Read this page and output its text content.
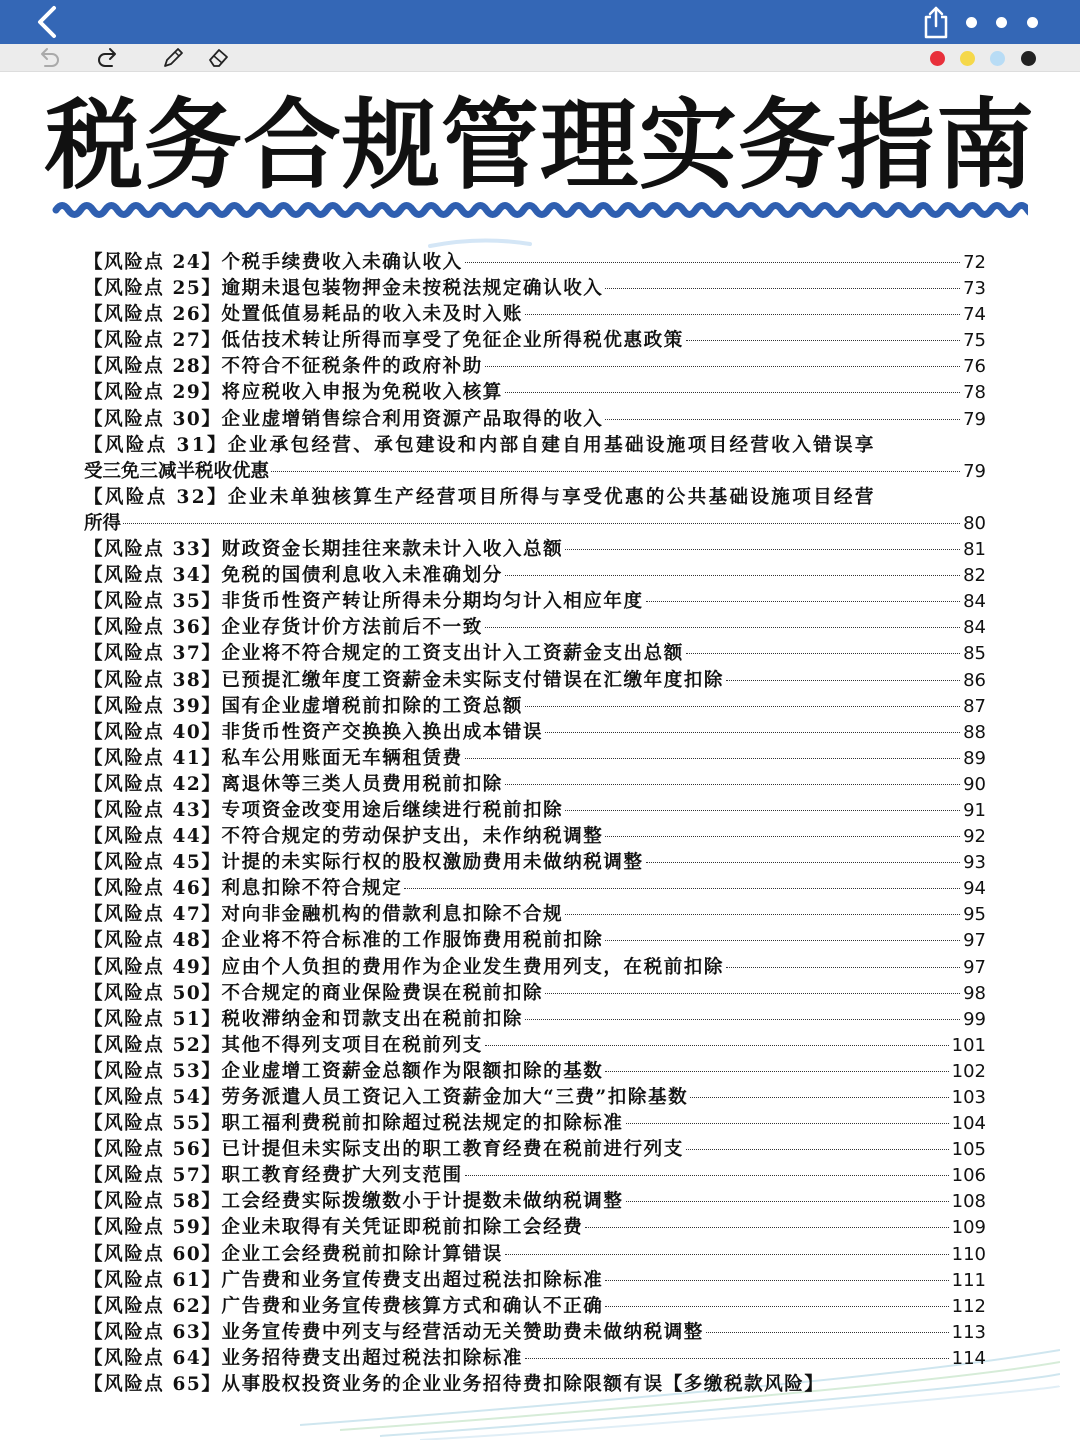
税务合规管理实务指南
【风险点 24】 个税手续费收入未确认收入	72
【风险点 25】 逾期未退包装物押金未按税法规定确认收入	73
【风险点 26】 处置低值易耗品的收入未及时入账	74
【风险点 27】 低估技术转让所得而享受了免征企业所得税优惠政策	75
【风险点 28】 不符合不征税条件的政府补助	76
【风险点 29】 将应税收入申报为免税收入核算	78
【风险点 30】 企业虚增销售综合利用资源产品取得的收入	79
【风险点 31】企业承包经营、承包建设和内部自建自用基础设施项目经营收入错误享
受三免三减半税收优惠	79
【风险点 32】企业未单独核算生产经营项目所得与享受优惠的公共基础设施项目经营
所得	80
【风险点 33】 财政资金长期挂往来款未计入收入总额	81
【风险点 34】 免税的国债利息收入未准确划分	82
【风险点 35】 非货币性资产转让所得未分期均匀计入相应年度	84
【风险点 36】 企业存货计价方法前后不一致	84
【风险点 37】 企业将不符合规定的工资支出计入工资薪金支出总额	85
【风险点 38】 已预提汇缴年度工资薪金未实际支付错误在汇缴年度扣除	86
【风险点 39】 国有企业虚增税前扣除的工资总额	87
【风险点 40】 非货币性资产交换换入换出成本错误	88
【风险点 41】 私车公用账面无车辆租赁费	89
【风险点 42】 离退休等三类人员费用税前扣除	90
【风险点 43】 专项资金改变用途后继续进行税前扣除	91
【风险点 44】 不符合规定的劳动保护支出，未作纳税调整	92
【风险点 45】 计提的未实际行权的股权激励费用未做纳税调整	93
【风险点 46】 利息扣除不符合规定	94
【风险点 47】 对向非金融机构的借款利息扣除不合规	95
【风险点 48】 企业将不符合标准的工作服饰费用税前扣除	97
【风险点 49】 应由个人负担的费用作为企业发生费用列支，在税前扣除	97
【风险点 50】 不合规定的商业保险费误在税前扣除	98
【风险点 51】 税收滞纳金和罚款支出在税前扣除	99
【风险点 52】 其他不得列支项目在税前列支	101
【风险点 53】 企业虚增工资薪金总额作为限额扣除的基数	102
【风险点 54】 劳务派遣人员工资记入工资薪金加大“三费”扣除基数	103
【风险点 55】 职工福利费税前扣除超过税法规定的扣除标准	104
【风险点 56】 已计提但未实际支出的职工教育经费在税前进行列支	105
【风险点 57】 职工教育经费扩大列支范围	106
【风险点 58】 工会经费实际拨缴数小于计提数未做纳税调整	108
【风险点 59】 企业未取得有关凭证即税前扣除工会经费	109
【风险点 60】 企业工会经费税前扣除计算错误	110
【风险点 61】 广告费和业务宣传费支出超过税法扣除标准	111
【风险点 62】 广告费和业务宣传费核算方式和确认不正确	112
【风险点 63】 业务宣传费中列支与经营活动无关赞助费未做纳税调整	113
【风险点 64】 业务招待费支出超过税法扣除标准	114
【风险点 65】 从事股权投资业务的企业业务招待费扣除限额有误【多缴税款风险】
